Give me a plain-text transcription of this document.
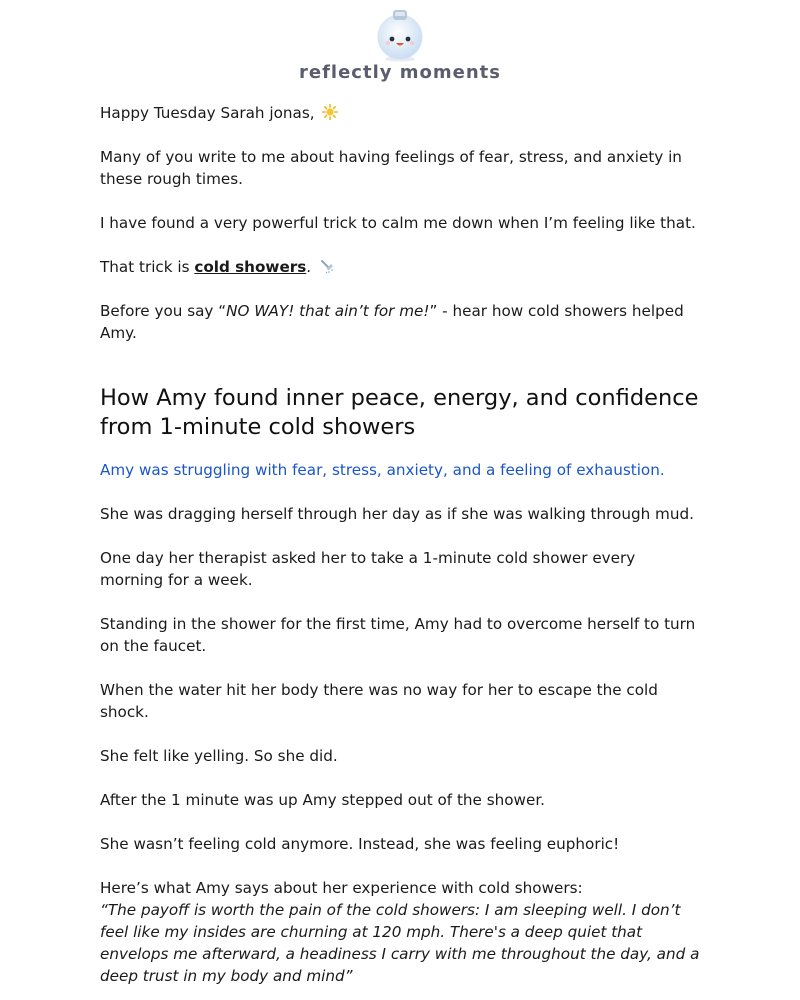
reflectly moments

Happy Tuesday Sarah jonas,

Many of you write to me about having feelings of fear, stress, and anxiety in these rough times.

I have found a very powerful trick to calm me down when I’m feeling like that.

That trick is cold showers.

Before you say “NO WAY! that ain’t for me!” - hear how cold showers helped Amy.

How Amy found inner peace, energy, and confidence from 1-minute cold showers

Amy was struggling with fear, stress, anxiety, and a feeling of exhaustion.

She was dragging herself through her day as if she was walking through mud.

One day her therapist asked her to take a 1-minute cold shower every morning for a week.

Standing in the shower for the first time, Amy had to overcome herself to turn on the faucet.

When the water hit her body there was no way for her to escape the cold shock.

She felt like yelling. So she did.

After the 1 minute was up Amy stepped out of the shower.

She wasn’t feeling cold anymore. Instead, she was feeling euphoric!

Here’s what Amy says about her experience with cold showers:
“The payoff is worth the pain of the cold showers: I am sleeping well. I don’t feel like my insides are churning at 120 mph. There's a deep quiet that envelops me afterward, a headiness I carry with me throughout the day, and a deep trust in my body and mind”
